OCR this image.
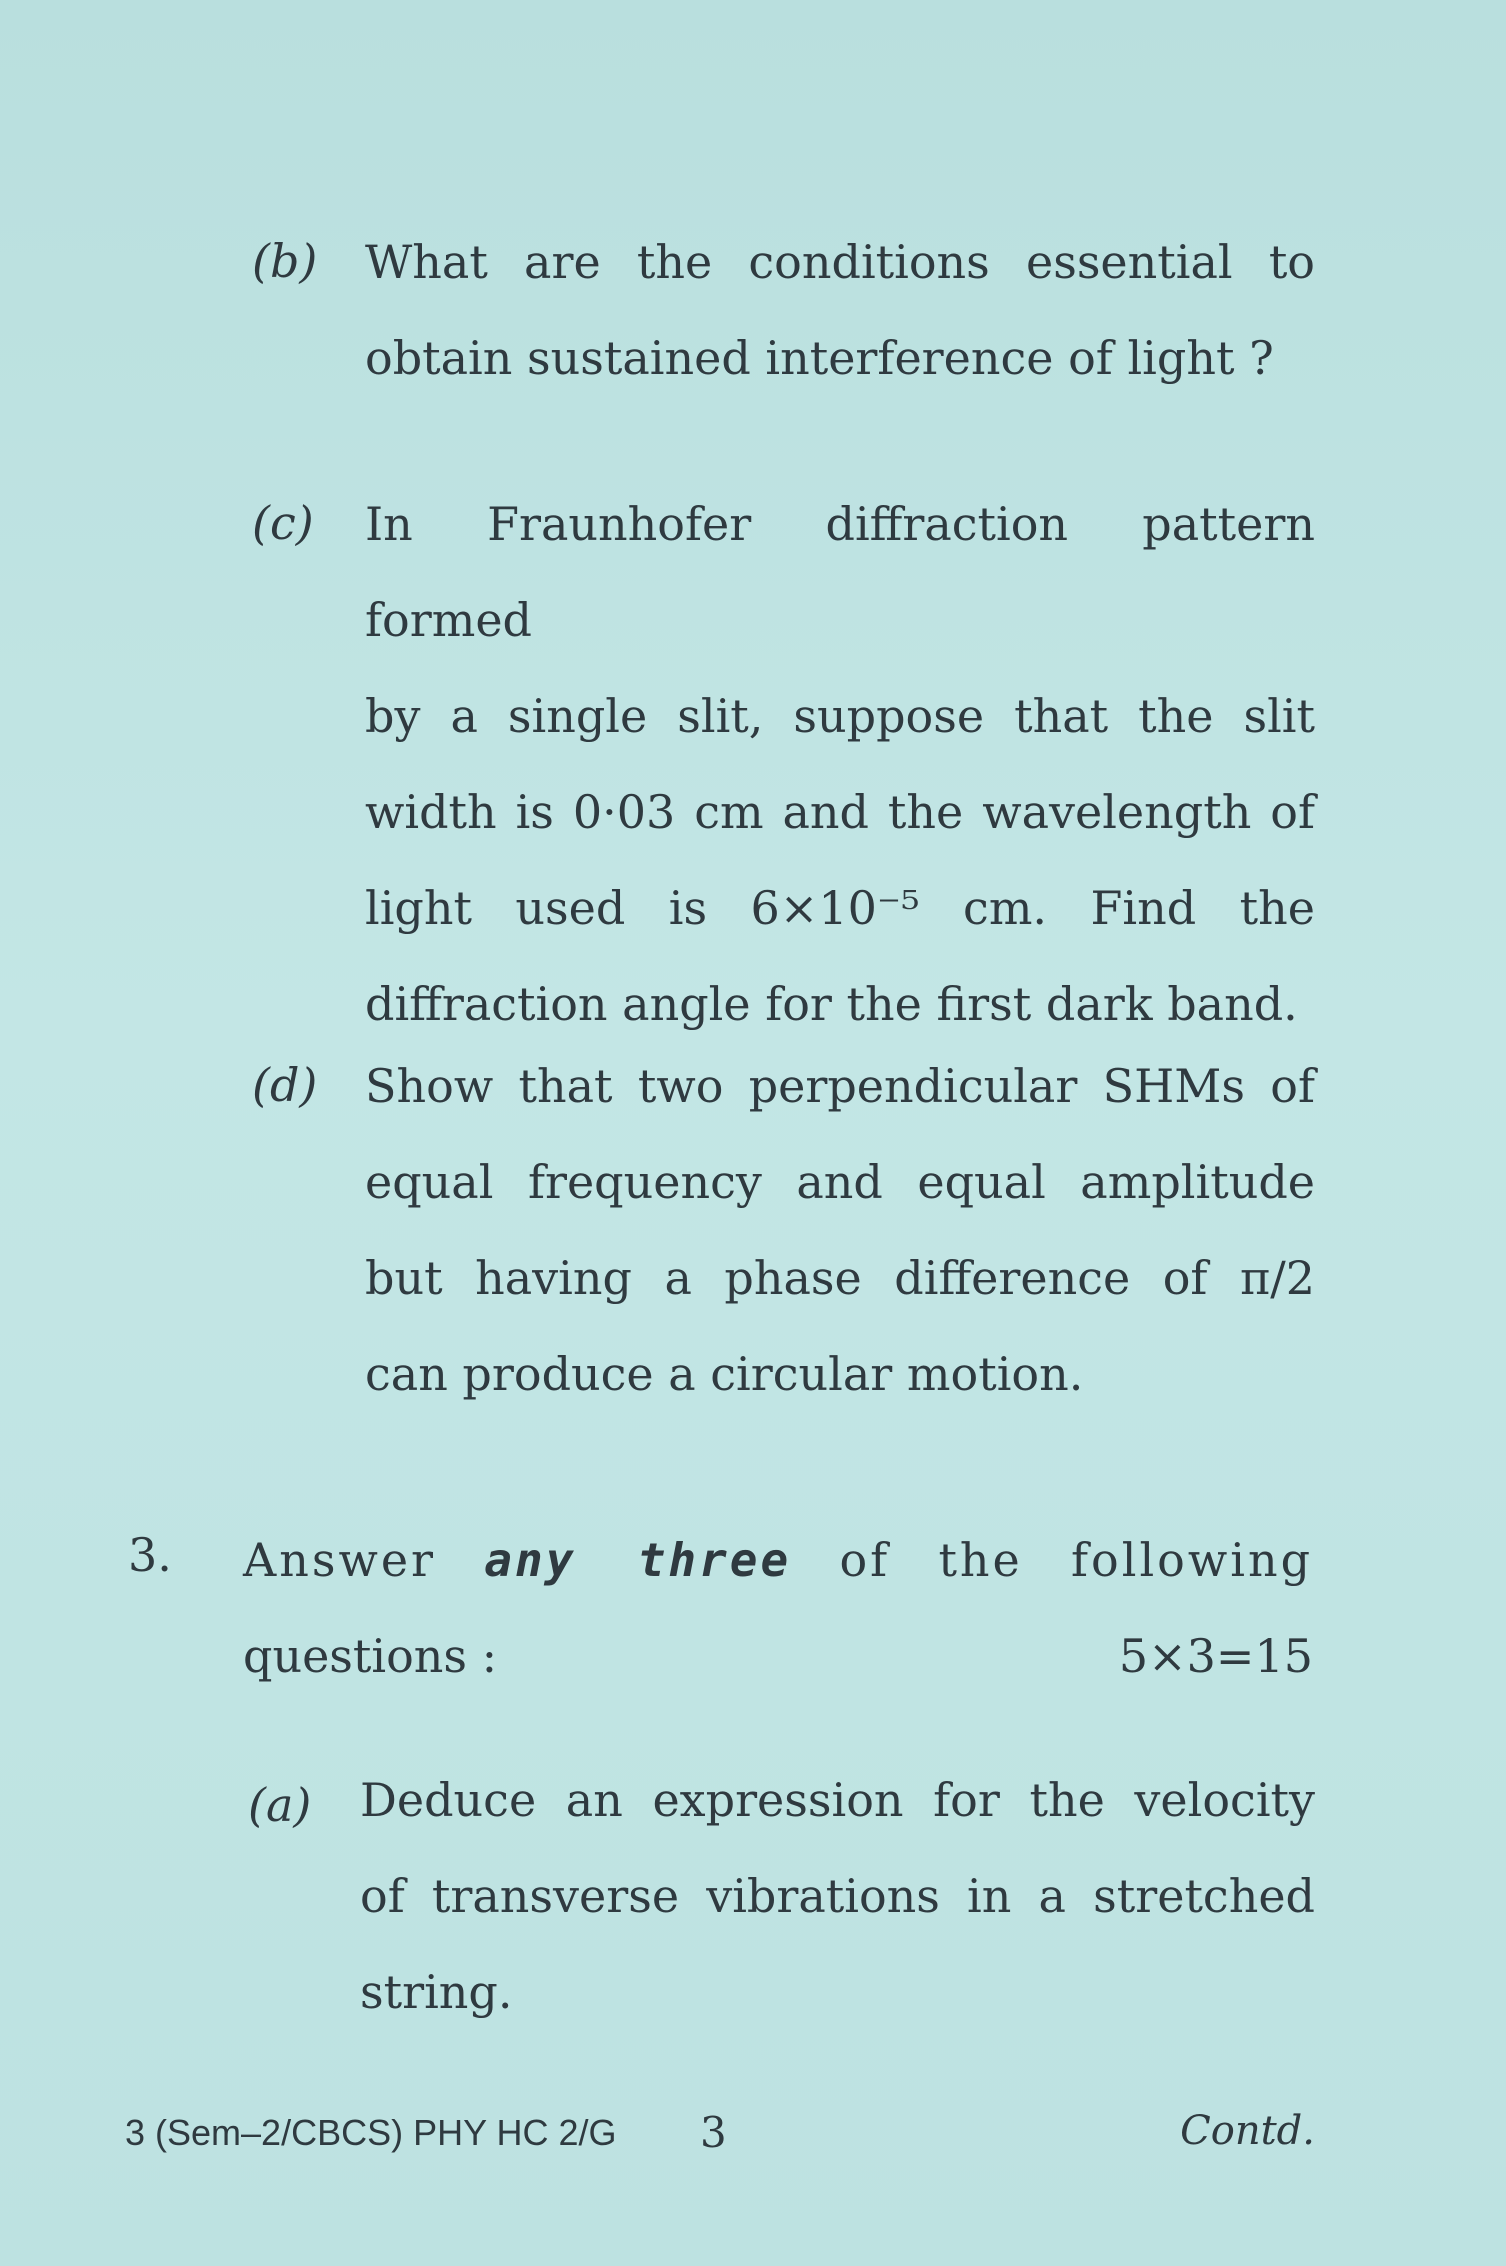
(b) What are the conditions essential to
obtain sustained interference of light ?
(c) In Fraunhofer diffraction pattern formed
by a single slit, suppose that the slit
width is 0·03 cm and the wavelength of
light used is 6×10⁻⁵ cm. Find the
diffraction angle for the first dark band.
(d) Show that two perpendicular SHMs of
equal frequency and equal amplitude
but having a phase difference of π/2
can produce a circular motion.
3. Answer any three of the following
questions :	5×3=15
(a) Deduce an expression for the velocity
of transverse vibrations in a stretched
string.
3 (Sem–2/CBCS) PHY HC 2/G 3	Contd.
